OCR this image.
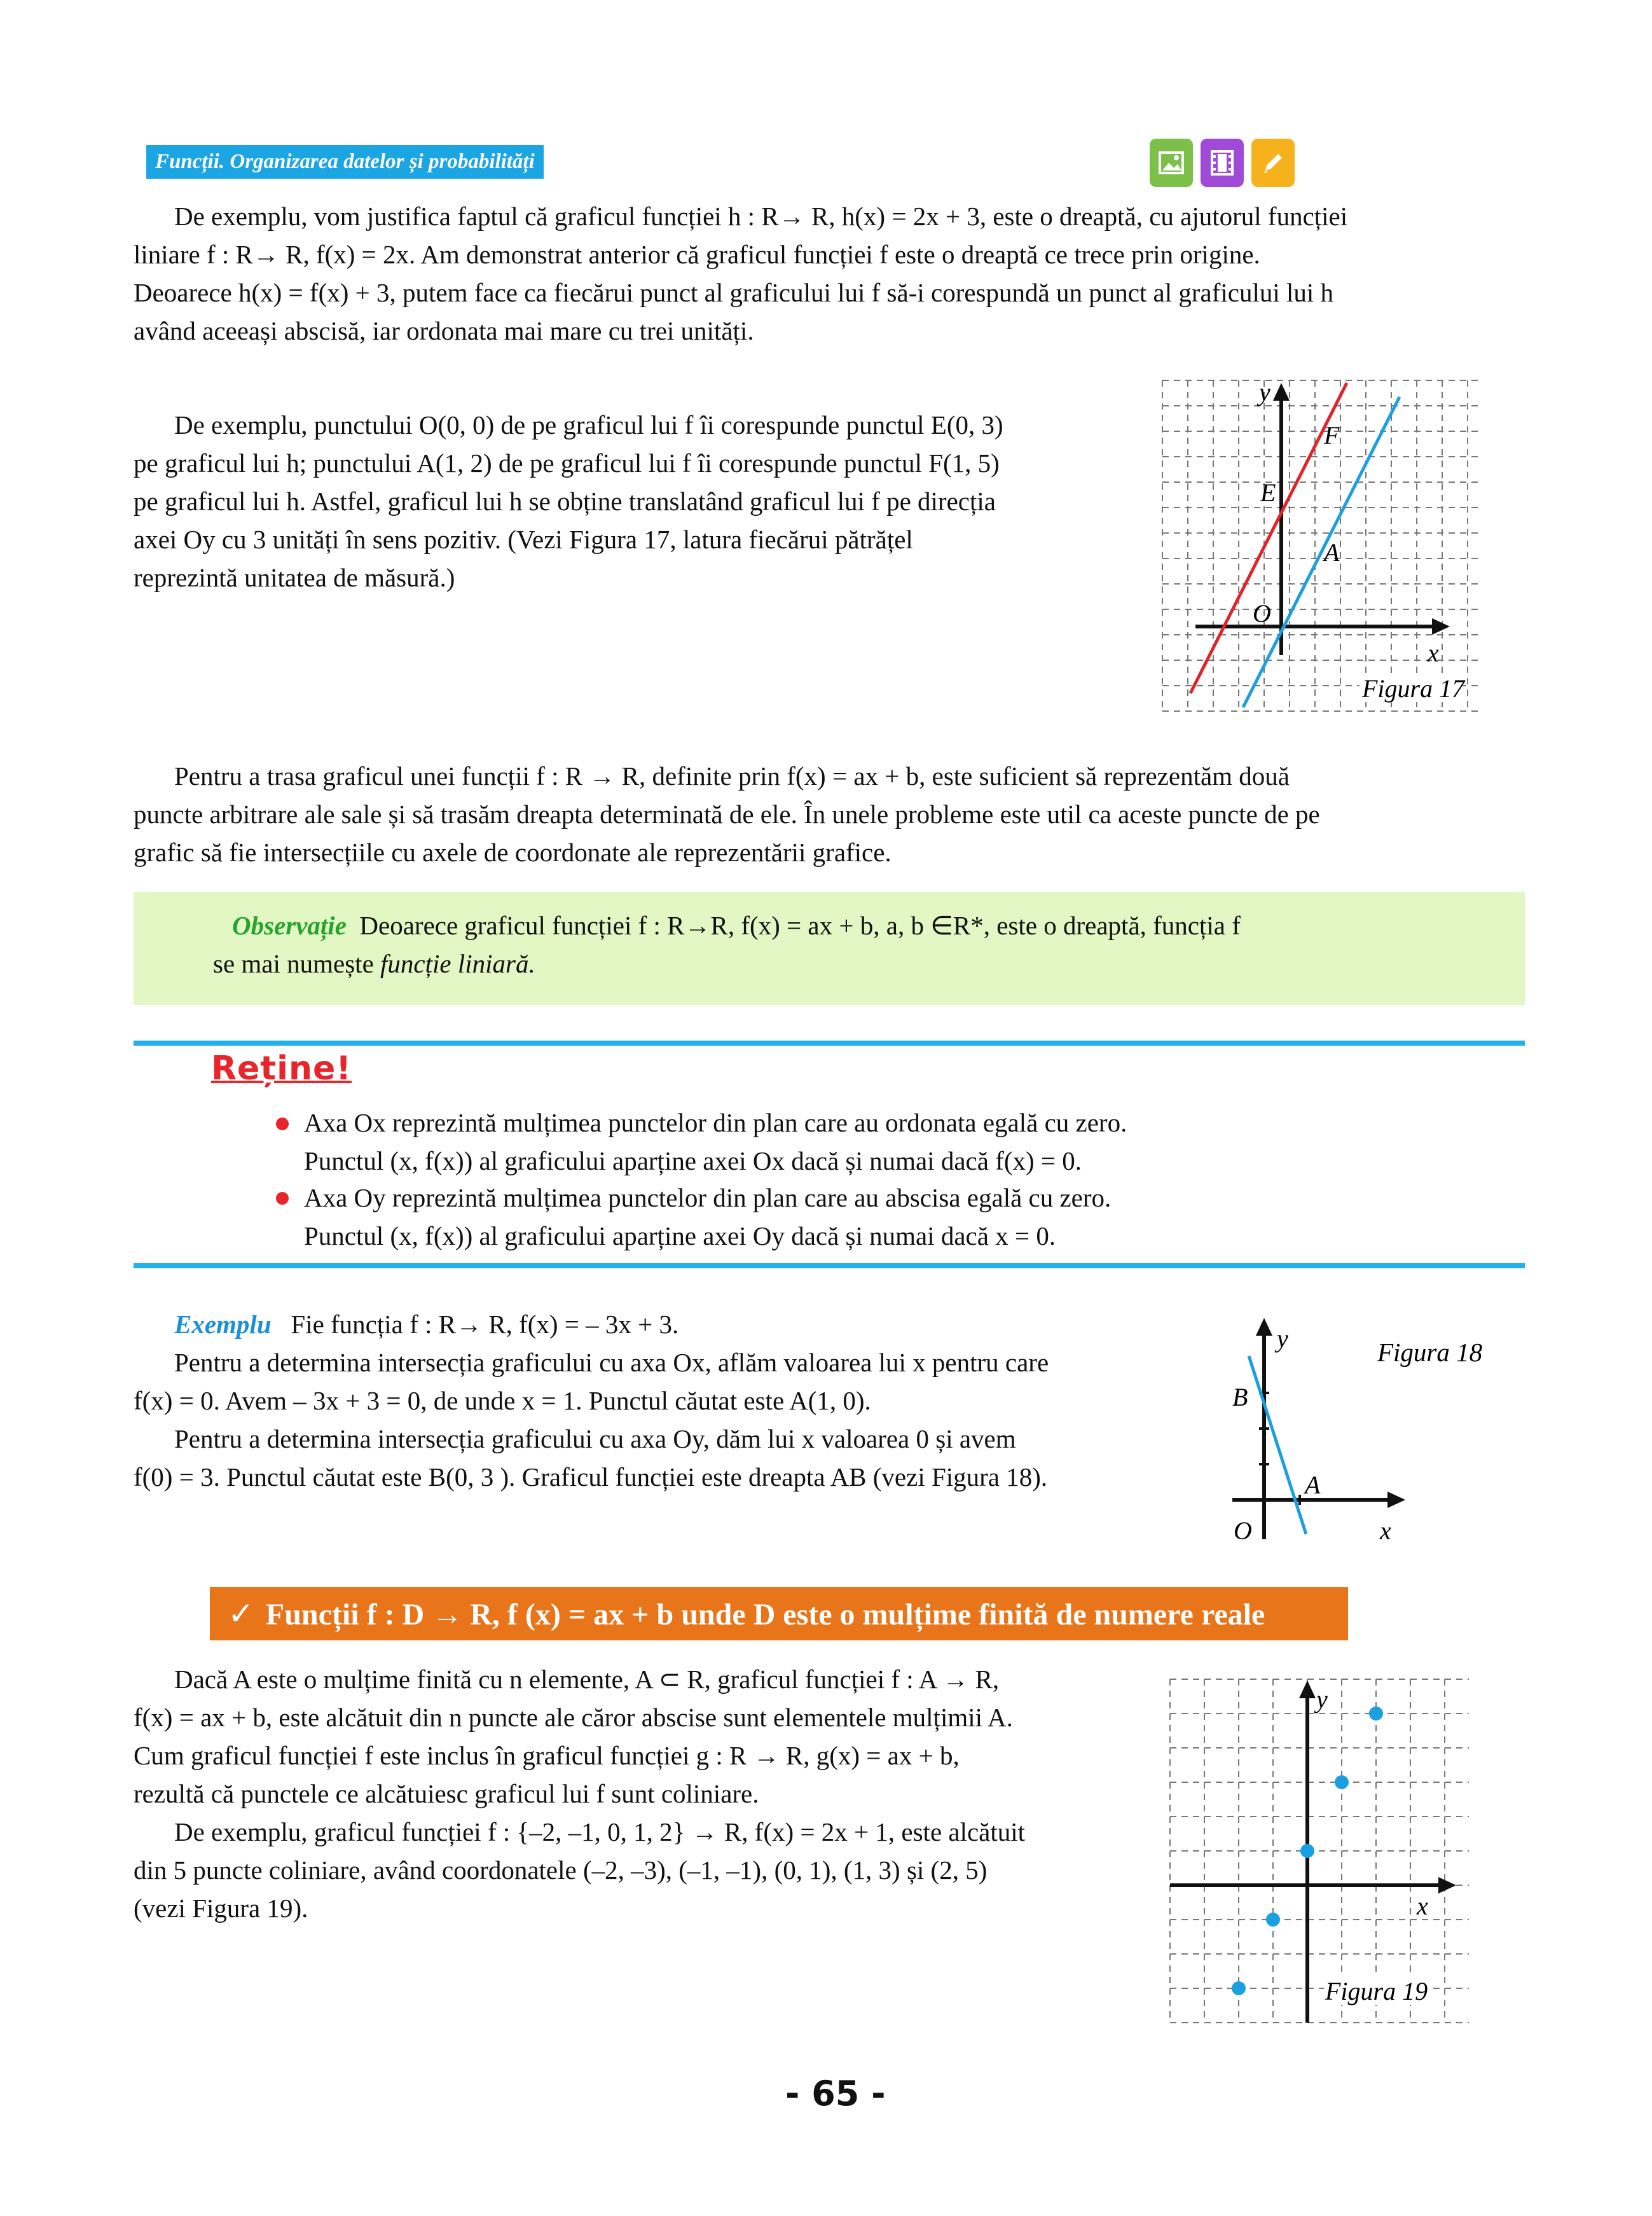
Funcții. Organizarea datelor și probabilități
De exemplu, vom justifica faptul că graficul funcției h : R→ R, h(x) = 2x + 3, este o dreaptă, cu ajutorul funcției
liniare f : R→ R, f(x) = 2x. Am demonstrat anterior că graficul funcției f este o dreaptă ce trece prin origine.
Deoarece h(x) = f(x) + 3, putem face ca fiecărui punct al graficului lui f să-i corespundă un punct al graficului lui h
având aceeași abscisă, iar ordonata mai mare cu trei unități.
De exemplu, punctului O(0, 0) de pe graficul lui f îi corespunde punctul E(0, 3)
pe graficul lui h; punctului A(1, 2) de pe graficul lui f îi corespunde punctul F(1, 5)
pe graficul lui h. Astfel, graficul lui h se obține translatând graficul lui f pe direcția
axei Oy cu 3 unități în sens pozitiv. (Vezi Figura 17, latura fiecărui pătrățel
reprezintă unitatea de măsură.)
y
x
O
E
F
A
Figura 17
Pentru a trasa graficul unei funcții f : R → R, definite prin f(x) = ax + b, este suficient să reprezentăm două
puncte arbitrare ale sale și să trasăm dreapta determinată de ele. În unele probleme este util ca aceste puncte de pe
grafic să fie intersecțiile cu axele de coordonate ale reprezentării grafice.
Observație Deoarece graficul funcției f : R→R, f(x) = ax + b, a, b ∈R*, este o dreaptă, funcția f
se mai numește funcție liniară.
Reține!
Axa Ox reprezintă mulțimea punctelor din plan care au ordonata egală cu zero.
Punctul (x, f(x)) al graficului aparține axei Ox dacă și numai dacă f(x) = 0.
Axa Oy reprezintă mulțimea punctelor din plan care au abscisa egală cu zero.
Punctul (x, f(x)) al graficului aparține axei Oy dacă și numai dacă x = 0.
Exemplu Fie funcția f : R→ R, f(x) = – 3x + 3.
Pentru a determina intersecția graficului cu axa Ox, aflăm valoarea lui x pentru care
f(x) = 0. Avem – 3x + 3 = 0, de unde x = 1. Punctul căutat este A(1, 0).
Pentru a determina intersecția graficului cu axa Oy, dăm lui x valoarea 0 și avem
f(0) = 3. Punctul căutat este B(0, 3 ). Graficul funcției este dreapta AB (vezi Figura 18).
y
x
O
B
A
Figura 18
✓ Funcții f : D → R, f (x) = ax + b unde D este o mulțime finită de numere reale
Dacă A este o mulțime finită cu n elemente, A ⊂ R, graficul funcției f : A → R,
f(x) = ax + b, este alcătuit din n puncte ale căror abscise sunt elementele mulțimii A.
Cum graficul funcției f este inclus în graficul funcției g : R → R, g(x) = ax + b,
rezultă că punctele ce alcătuiesc graficul lui f sunt coliniare.
De exemplu, graficul funcției f : {–2, –1, 0, 1, 2} → R, f(x) = 2x + 1, este alcătuit
din 5 puncte coliniare, având coordonatele (–2, –3), (–1, –1), (0, 1), (1, 3) și (2, 5)
(vezi Figura 19).
y
x
Figura 19
- 65 -
